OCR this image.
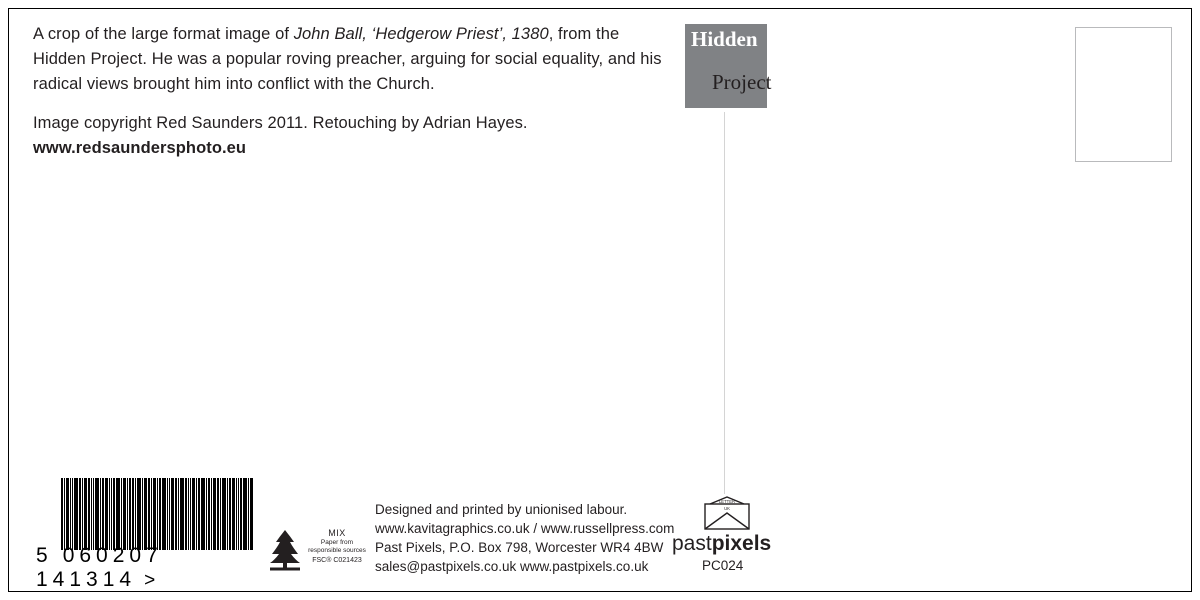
A crop of the large format image of John Ball, ‘Hedgerow Priest’, 1380, from the Hidden Project. He was a popular roving preacher, arguing for social equality, and his radical views brought him into conflict with the Church.

Image copyright Red Saunders 2011. Retouching by Adrian Hayes. www.redsaundersphoto.eu

Hidden
Project
5 060207 141314 >
MIX
Paper from
responsible sources
FSC® C021423
Designed and printed by unionised labour.
www.kavitagraphics.co.uk / www.russellpress.com
Past Pixels, P.O. Box 798, Worcester WR4 4BW
sales@pastpixels.co.uk www.pastpixels.co.uk
LETTER
UK
pastpixels
PC024
